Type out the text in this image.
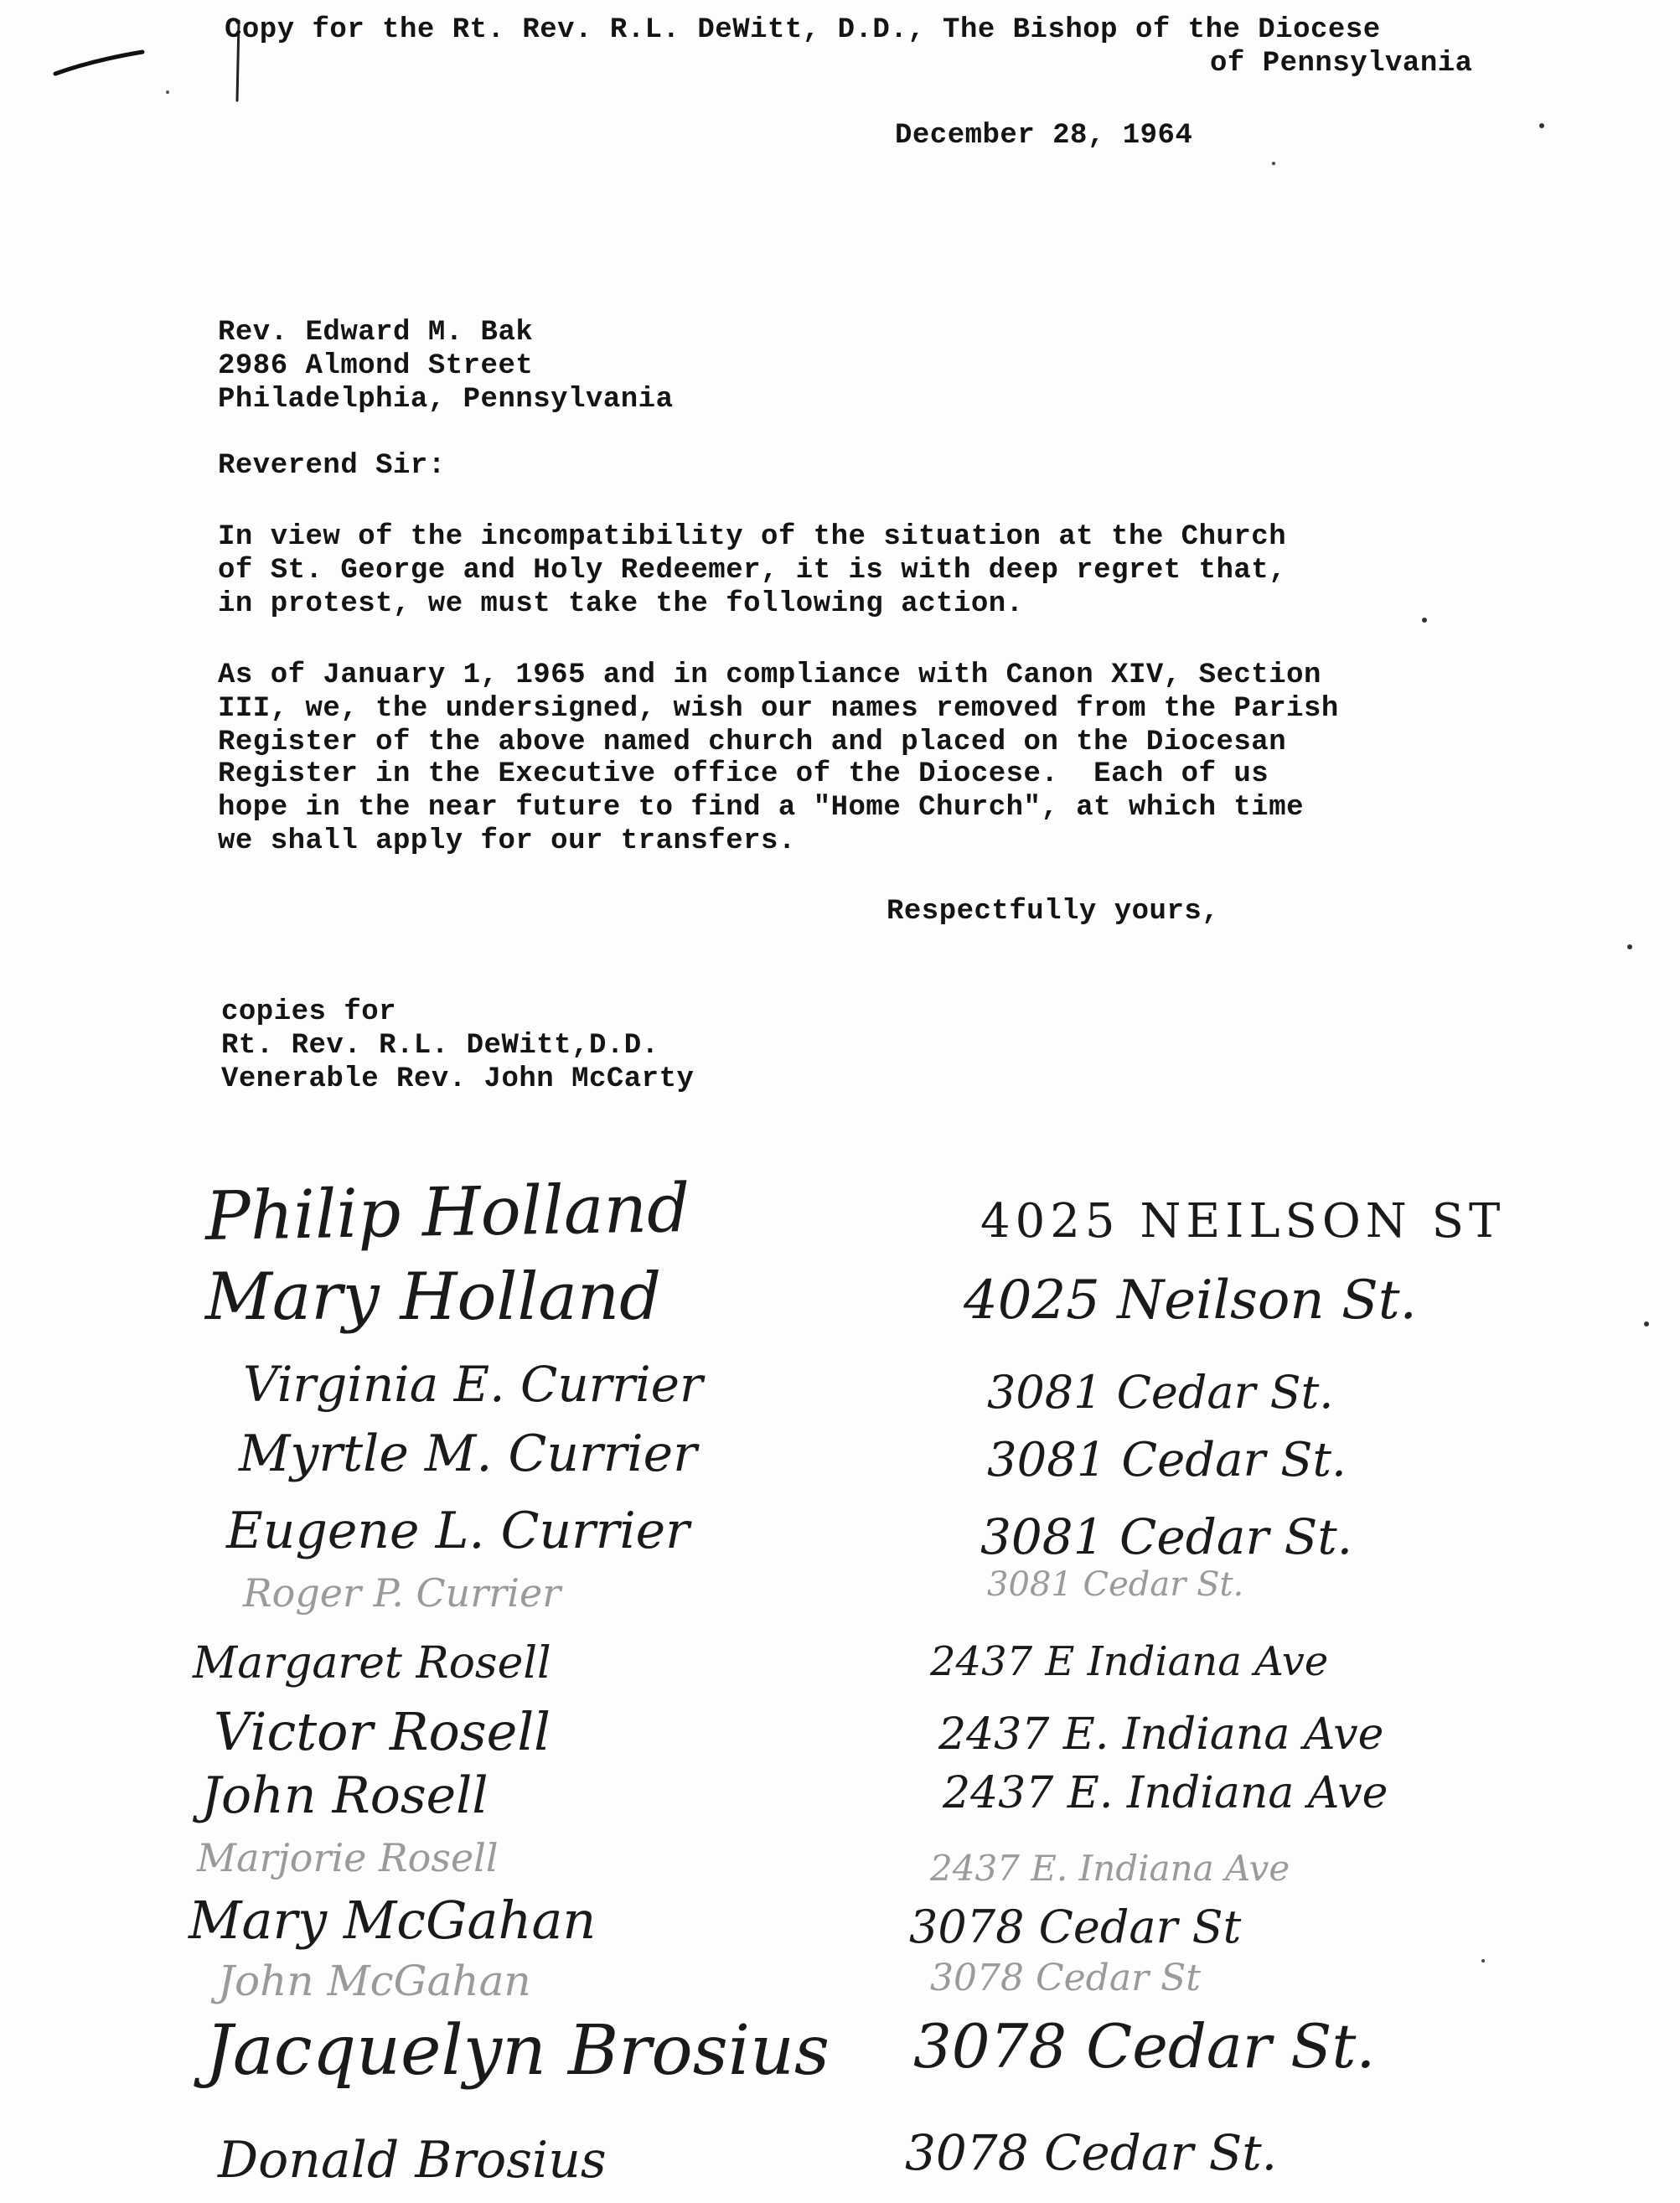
Copy for the Rt. Rev. R.L. DeWitt, D.D., The Bishop of the Diocese
of Pennsylvania
December 28, 1964
Rev. Edward M. Bak
2986 Almond Street
Philadelphia, Pennsylvania
Reverend Sir:
In view of the incompatibility of the situation at the Church
of St. George and Holy Redeemer, it is with deep regret that,
in protest, we must take the following action.
As of January 1, 1965 and in compliance with Canon XIV, Section
III, we, the undersigned, wish our names removed from the Parish
Register of the above named church and placed on the Diocesan
Register in the Executive office of the Diocese.  Each of us
hope in the near future to find a "Home Church", at which time
we shall apply for our transfers.
Respectfully yours,
copies for
Rt. Rev. R.L. DeWitt,D.D.
Venerable Rev. John McCarty
Philip Holland
Mary Holland
Virginia E. Currier
Myrtle M. Currier
Eugene L. Currier
Roger P. Currier
Margaret Rosell
Victor Rosell
John Rosell
Marjorie Rosell
Mary McGahan
John McGahan
Jacquelyn Brosius
Donald Brosius
4025 NEILSON ST
4025 Neilson St.
3081 Cedar St.
3081 Cedar St.
3081 Cedar St.
3081 Cedar St.
2437 E Indiana Ave
2437 E. Indiana Ave
2437 E. Indiana Ave
2437 E. Indiana Ave
3078 Cedar St
3078 Cedar St
3078 Cedar St.
3078 Cedar St.
